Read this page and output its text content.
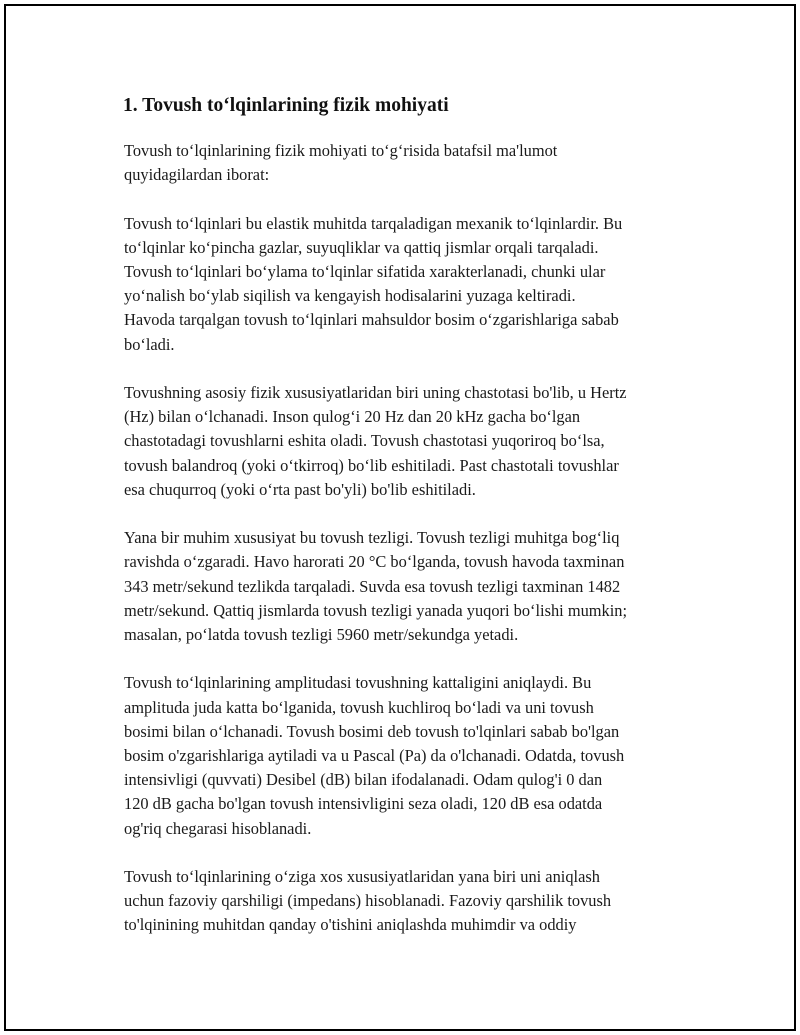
1. Tovush to‘lqinlarining fizik mohiyati

Tovush to‘lqinlarining fizik mohiyati to‘g‘risida batafsil ma'lumot
quyidagilardan iborat:

Tovush to‘lqinlari bu elastik muhitda tarqaladigan mexanik to‘lqinlardir. Bu
to‘lqinlar ko‘pincha gazlar, suyuqliklar va qattiq jismlar orqali tarqaladi.
Tovush to‘lqinlari bo‘ylama to‘lqinlar sifatida xarakterlanadi, chunki ular
yo‘nalish bo‘ylab siqilish va kengayish hodisalarini yuzaga keltiradi.
Havoda tarqalgan tovush to‘lqinlari mahsuldor bosim o‘zgarishlariga sabab
bo‘ladi.

Tovushning asosiy fizik xususiyatlaridan biri uning chastotasi bo'lib, u Hertz
(Hz) bilan o‘lchanadi. Inson qulog‘i 20 Hz dan 20 kHz gacha bo‘lgan
chastotadagi tovushlarni eshita oladi. Tovush chastotasi yuqoriroq bo‘lsa,
tovush balandroq (yoki o‘tkirroq) bo‘lib eshitiladi. Past chastotali tovushlar
esa chuqurroq (yoki o‘rta past bo'yli) bo'lib eshitiladi.

Yana bir muhim xususiyat bu tovush tezligi. Tovush tezligi muhitga bog‘liq
ravishda o‘zgaradi. Havo harorati 20 °C bo‘lganda, tovush havoda taxminan
343 metr/sekund tezlikda tarqaladi. Suvda esa tovush tezligi taxminan 1482
metr/sekund. Qattiq jismlarda tovush tezligi yanada yuqori bo‘lishi mumkin;
masalan, po‘latda tovush tezligi 5960 metr/sekundga yetadi.

Tovush to‘lqinlarining amplitudasi tovushning kattaligini aniqlaydi. Bu
amplituda juda katta bo‘lganida, tovush kuchliroq bo‘ladi va uni tovush
bosimi bilan o‘lchanadi. Tovush bosimi deb tovush to'lqinlari sabab bo'lgan
bosim o'zgarishlariga aytiladi va u Pascal (Pa) da o'lchanadi. Odatda, tovush
intensivligi (quvvati) Desibel (dB) bilan ifodalanadi. Odam qulog'i 0 dan
120 dB gacha bo'lgan tovush intensivligini seza oladi, 120 dB esa odatda
og'riq chegarasi hisoblanadi.

Tovush to‘lqinlarining o‘ziga xos xususiyatlaridan yana biri uni aniqlash
uchun fazoviy qarshiligi (impedans) hisoblanadi. Fazoviy qarshilik tovush
to'lqinining muhitdan qanday o'tishini aniqlashda muhimdir va oddiy
